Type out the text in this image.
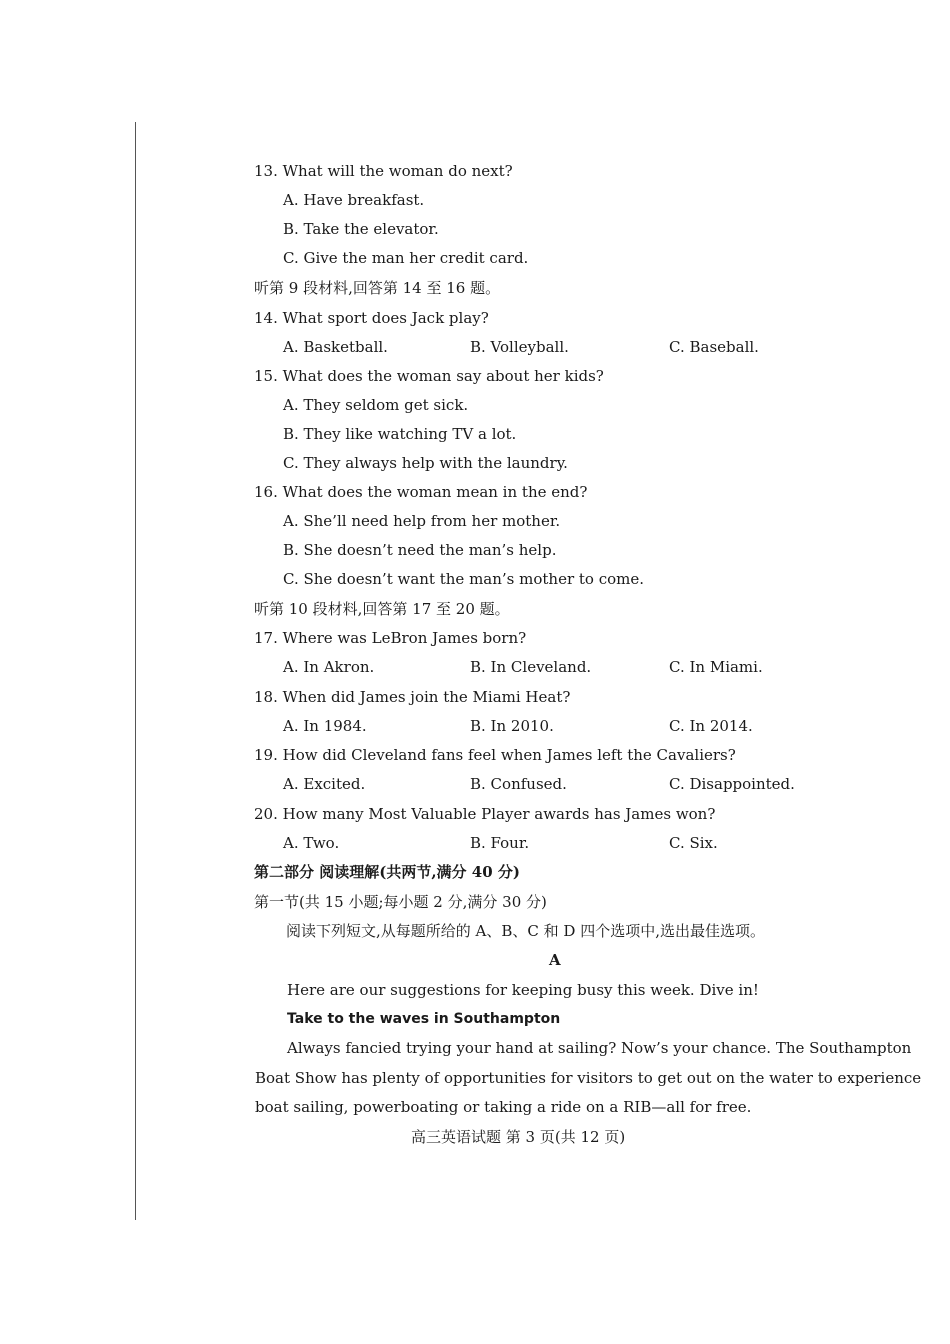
13. What will the woman do next?
A. Have breakfast.
B. Take the elevator.
C. Give the man her credit card.
听第 9 段材料,回答第 14 至 16 题。
14. What sport does Jack play?
A. Basketball.	B. Volleyball.	C. Baseball.
15. What does the woman say about her kids?
A. They seldom get sick.
B. They like watching TV a lot.
C. They always help with the laundry.
16. What does the woman mean in the end?
A. She’ll need help from her mother.
B. She doesn’t need the man’s help.
C. She doesn’t want the man’s mother to come.
听第 10 段材料,回答第 17 至 20 题。
17. Where was LeBron James born?
A. In Akron.	B. In Cleveland.	C. In Miami.
18. When did James join the Miami Heat?
A. In 1984.	B. In 2010.	C. In 2014.
19. How did Cleveland fans feel when James left the Cavaliers?
A. Excited.	B. Confused.	C. Disappointed.
20. How many Most Valuable Player awards has James won?
A. Two.	B. Four.	C. Six.
第二部分 阅读理解(共两节,满分 40 分)
第一节(共 15 小题;每小题 2 分,满分 30 分)
阅读下列短文,从每题所给的 A、B、C 和 D 四个选项中,选出最佳选项。
A
Here are our suggestions for keeping busy this week. Dive in!
Take to the waves in Southampton
Always fancied trying your hand at sailing? Now’s your chance. The Southampton
Boat Show has plenty of opportunities for visitors to get out on the water to experience
boat sailing, powerboating or taking a ride on a RIB—all for free.
高三英语试题 第 3 页(共 12 页)
